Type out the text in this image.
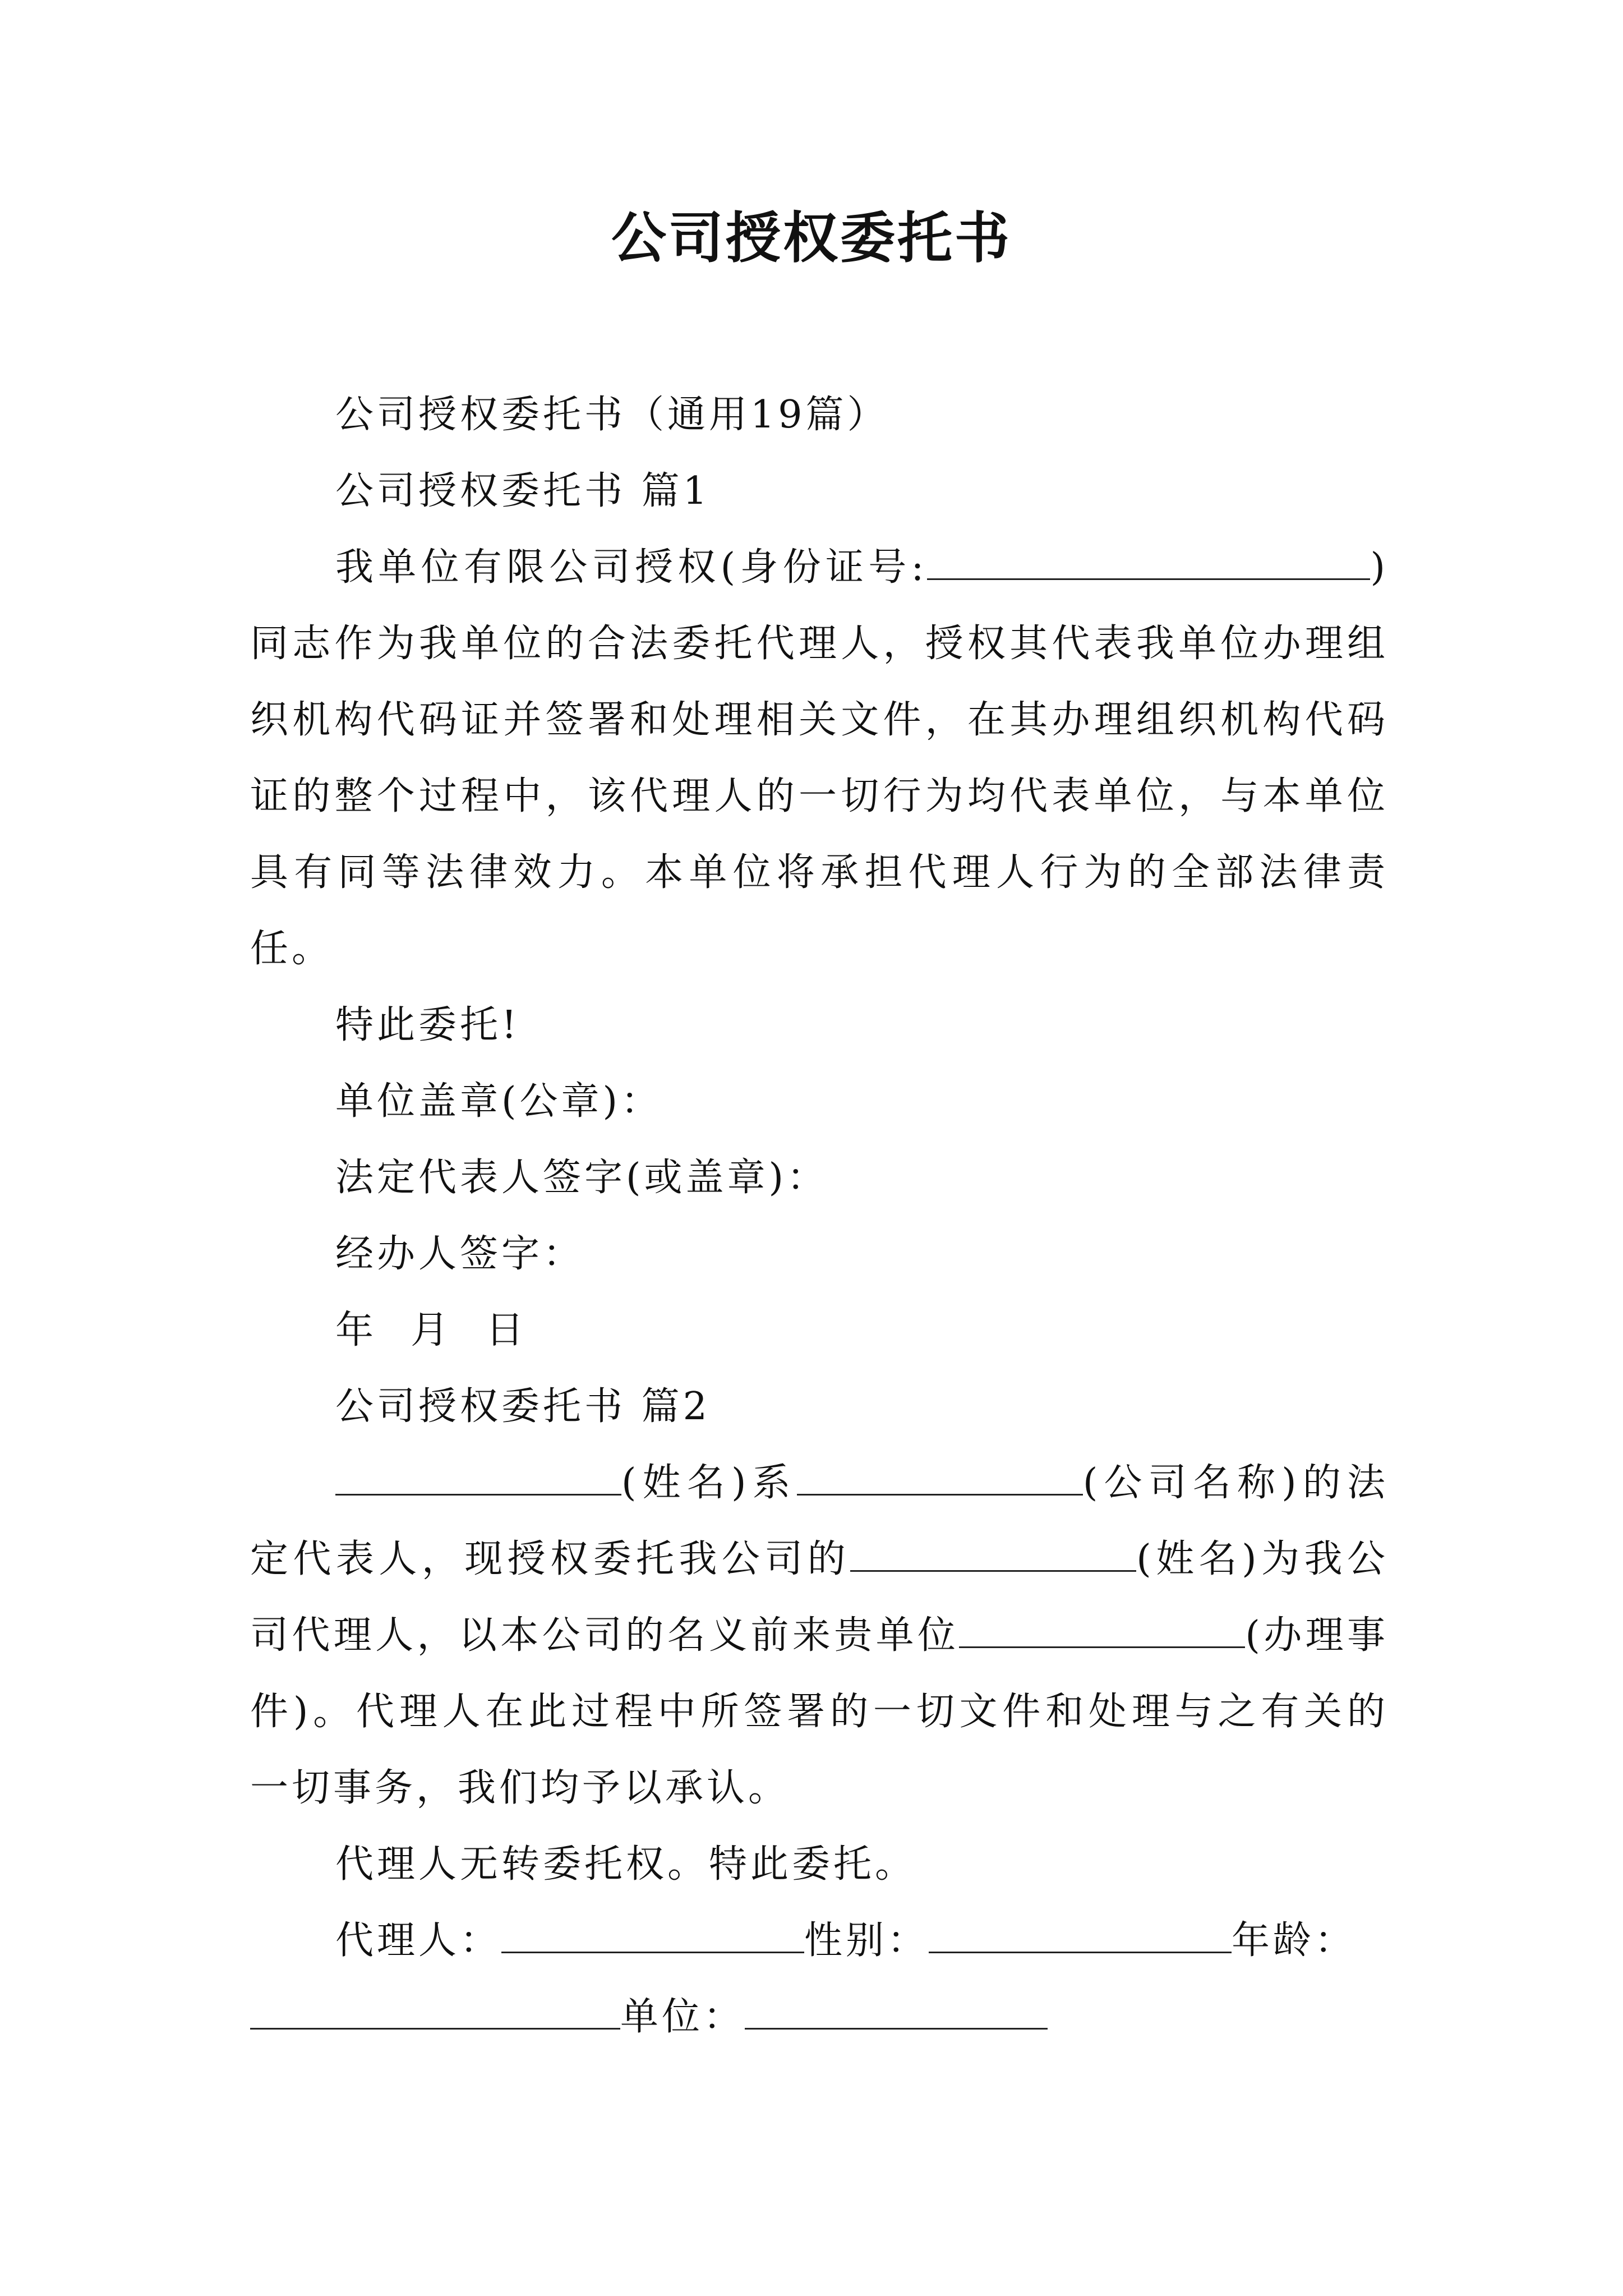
公司授权委托书

公司授权委托书（通用19篇）

公司授权委托书 篇1

我单位有限公司授权(身份证号:	)同志作为我单位的合法委托代理人，授权其代表我单位办理组织机构代码证并签署和处理相关文件，在其办理组织机构代码证的整个过程中，该代理人的一切行为均代表单位，与本单位具有同等法律效力。本单位将承担代理人行为的全部法律责任。

特此委托!

单位盖章(公章)：

法定代表人签字(或盖章)：

经办人签字：

年 月 日

公司授权委托书 篇2

(姓名)系	(公司名称)的法定代表人，现授权委托我公司的	(姓名)为我公司代理人，以本公司的名义前来贵单位	(办理事件)。代理人在此过程中所签署的一切文件和处理与之有关的一切事务，我们均予以承认。

代理人无转委托权。特此委托。

代理人：	性别：	年龄：

单位：
